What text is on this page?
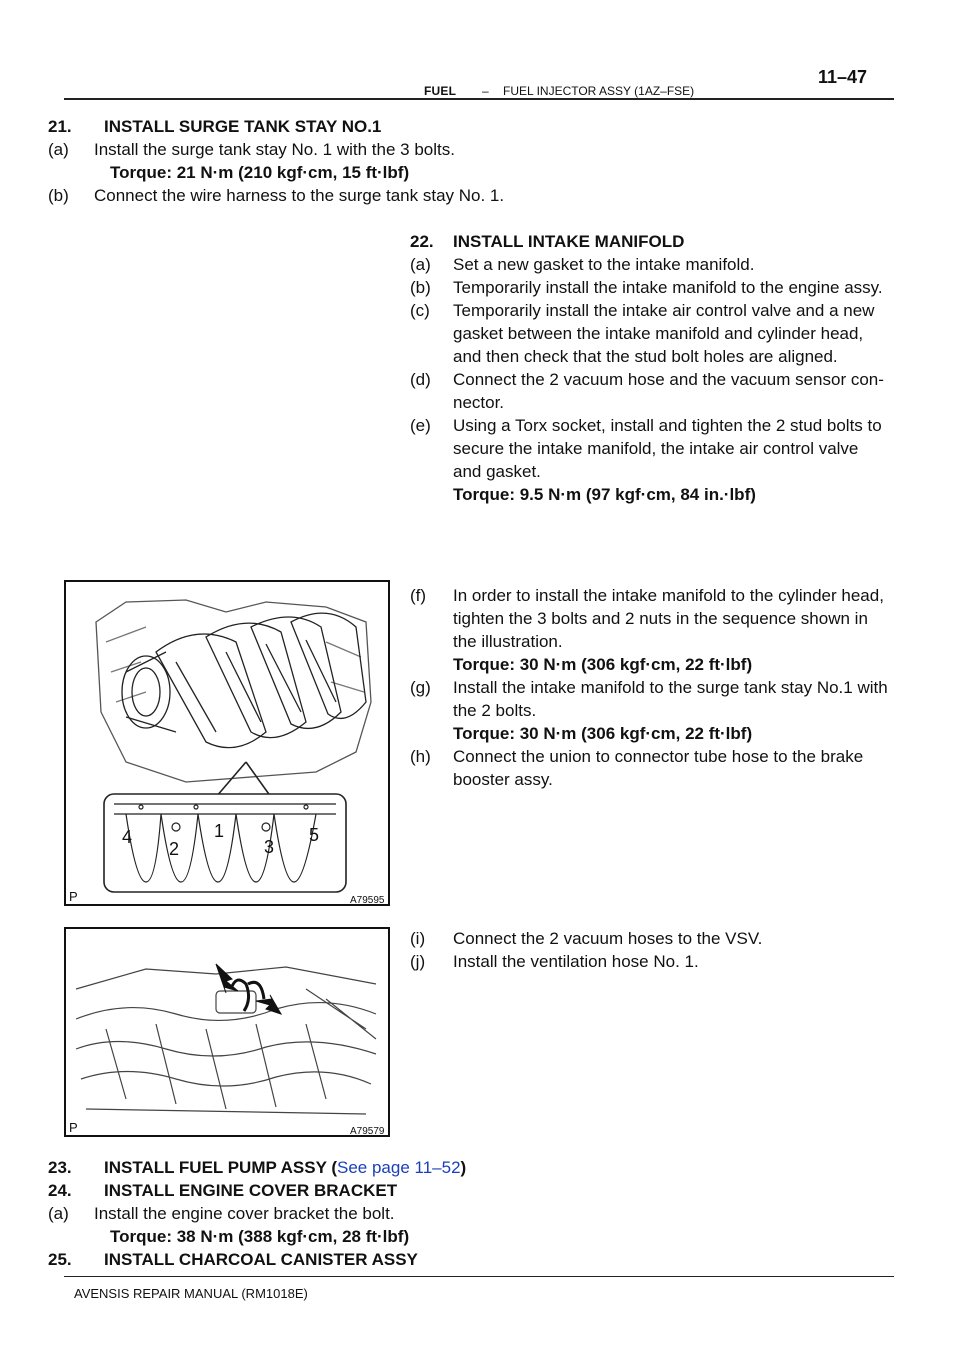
FUEL – FUEL INJECTOR ASSY (1AZ–FSE)
11–47
21. INSTALL SURGE TANK STAY NO.1
(a) Install the surge tank stay No. 1 with the 3 bolts.
Torque: 21 N·m (210 kgf·cm, 15 ft·lbf)
(b) Connect the wire harness to the surge tank stay No. 1.
22. INSTALL INTAKE MANIFOLD
(a) Set a new gasket to the intake manifold.
(b) Temporarily install the intake manifold to the engine assy.
(c) Temporarily install the intake air control valve and a new
gasket between the intake manifold and cylinder head,
and then check that the stud bolt holes are aligned.
(d) Connect the 2 vacuum hose and the vacuum sensor con-
nector.
(e) Using a Torx socket, install and tighten the 2 stud bolts to
secure the intake manifold, the intake air control valve
and gasket.
Torque: 9.5 N·m (97 kgf·cm, 84 in.·lbf)
4
2
1
3
5
P	A79595
(f) In order to install the intake manifold to the cylinder head,
tighten the 3 bolts and 2 nuts in the sequence shown in
the illustration.
Torque: 30 N·m (306 kgf·cm, 22 ft·lbf)
(g) Install the intake manifold to the surge tank stay No.1 with
the 2 bolts.
Torque: 30 N·m (306 kgf·cm, 22 ft·lbf)
(h) Connect the union to connector tube hose to the brake
booster assy.
P	A79579
(i) Connect the 2 vacuum hoses to the VSV.
(j) Install the ventilation hose No. 1.
23. INSTALL FUEL PUMP ASSY (See page 11–52)
24. INSTALL ENGINE COVER BRACKET
(a) Install the engine cover bracket the bolt.
Torque: 38 N·m (388 kgf·cm, 28 ft·lbf)
25. INSTALL CHARCOAL CANISTER ASSY
AVENSIS REPAIR MANUAL (RM1018E)
